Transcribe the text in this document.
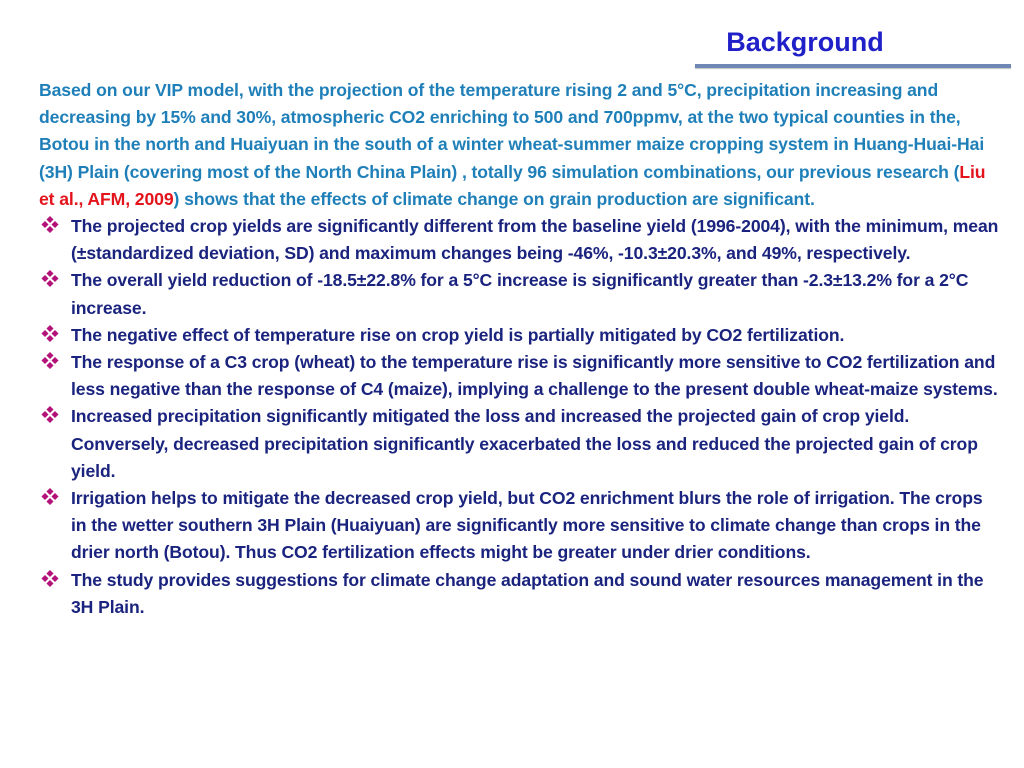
Background

Based on our VIP model, with the projection of the temperature rising 2 and 5°C, precipitation increasing and decreasing by 15% and 30%, atmospheric CO2 enriching to 500 and 700ppmv, at the two typical counties in the, Botou in the north and Huaiyuan in the south of a winter wheat-summer maize cropping system in Huang-Huai-Hai (3H) Plain (covering most of the North China Plain) , totally 96 simulation combinations, our previous research (Liu et al., AFM, 2009) shows that the effects of climate change on grain production are significant.

The projected crop yields are significantly different from the baseline yield (1996-2004), with the minimum, mean (±standardized deviation, SD) and maximum changes being -46%, -10.3±20.3%, and 49%, respectively.
The overall yield reduction of -18.5±22.8% for a 5°C increase is significantly greater than -2.3±13.2% for a 2°C increase.
The negative effect of temperature rise on crop yield is partially mitigated by CO2 fertilization.
The response of a C3 crop (wheat) to the temperature rise is significantly more sensitive to CO2 fertilization and less negative than the response of C4 (maize), implying a challenge to the present double wheat-maize systems.
Increased precipitation significantly mitigated the loss and increased the projected gain of crop yield. Conversely, decreased precipitation significantly exacerbated the loss and reduced the projected gain of crop yield.
Irrigation helps to mitigate the decreased crop yield, but CO2 enrichment blurs the role of irrigation. The crops in the wetter southern 3H Plain (Huaiyuan) are significantly more sensitive to climate change than crops in the drier north (Botou). Thus CO2 fertilization effects might be greater under drier conditions.
The study provides suggestions for climate change adaptation and sound water resources management in the 3H Plain.
